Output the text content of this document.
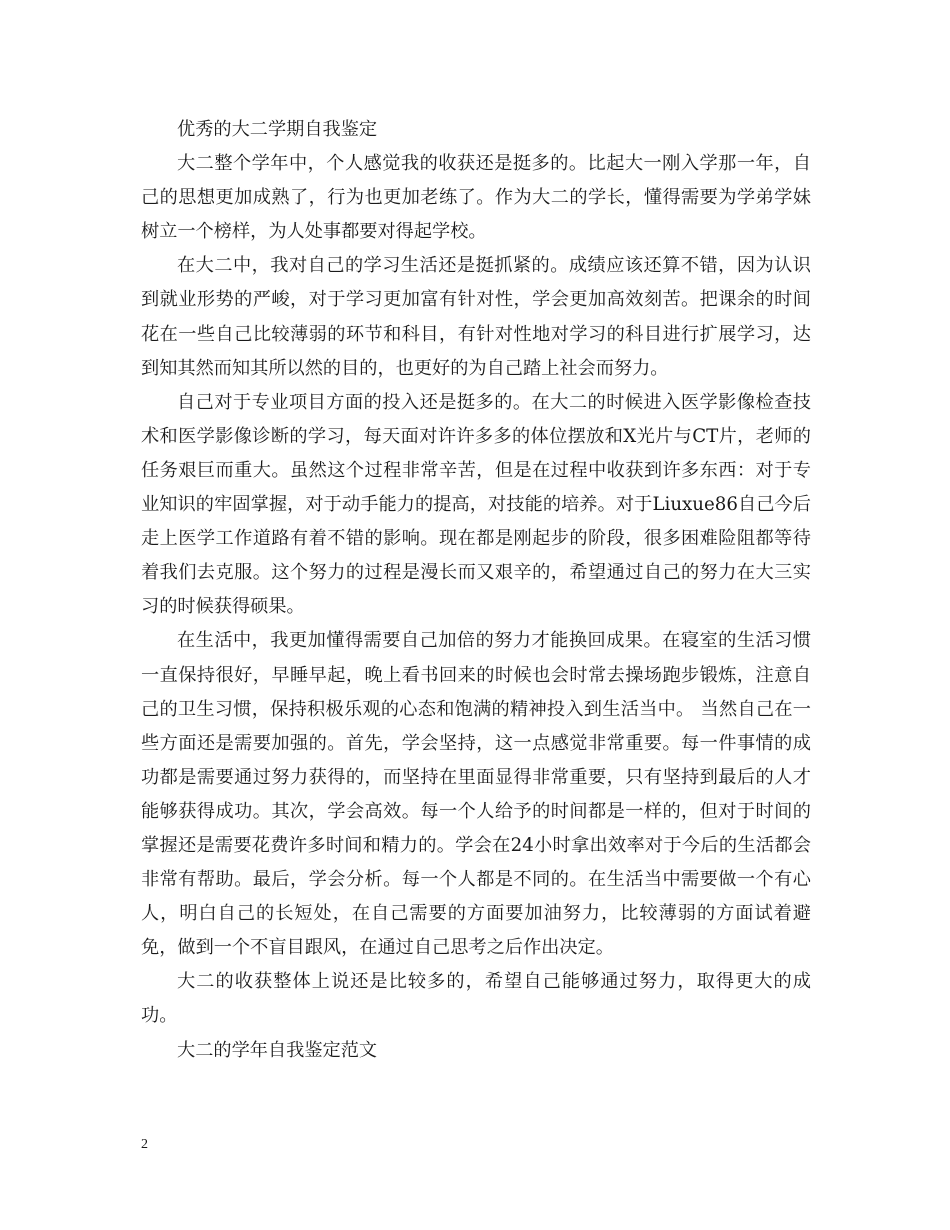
优秀的大二学期自我鉴定

大二整个学年中，个人感觉我的收获还是挺多的。比起大一刚入学那一年，自己的思想更加成熟了，行为也更加老练了。作为大二的学长，懂得需要为学弟学妹树立一个榜样，为人处事都要对得起学校。

在大二中，我对自己的学习生活还是挺抓紧的。成绩应该还算不错，因为认识到就业形势的严峻，对于学习更加富有针对性，学会更加高效刻苦。把课余的时间花在一些自己比较薄弱的环节和科目，有针对性地对学习的科目进行扩展学习，达到知其然而知其所以然的目的，也更好的为自己踏上社会而努力。

自己对于专业项目方面的投入还是挺多的。在大二的时候进入医学影像检查技术和医学影像诊断的学习，每天面对许许多多的体位摆放和X光片与CT片，老师的任务艰巨而重大。虽然这个过程非常辛苦，但是在过程中收获到许多东西：对于专业知识的牢固掌握，对于动手能力的提高，对技能的培养。对于Liuxue86自己今后走上医学工作道路有着不错的影响。现在都是刚起步的阶段，很多困难险阻都等待着我们去克服。这个努力的过程是漫长而又艰辛的，希望通过自己的努力在大三实习的时候获得硕果。

在生活中，我更加懂得需要自己加倍的努力才能换回成果。在寝室的生活习惯一直保持很好，早睡早起，晚上看书回来的时候也会时常去操场跑步锻炼，注意自己的卫生习惯，保持积极乐观的心态和饱满的精神投入到生活当中。 当然自己在一些方面还是需要加强的。首先，学会坚持，这一点感觉非常重要。每一件事情的成功都是需要通过努力获得的，而坚持在里面显得非常重要，只有坚持到最后的人才能够获得成功。其次，学会高效。每一个人给予的时间都是一样的，但对于时间的掌握还是需要花费许多时间和精力的。学会在24小时拿出效率对于今后的生活都会非常有帮助。最后，学会分析。每一个人都是不同的。在生活当中需要做一个有心人，明白自己的长短处，在自己需要的方面要加油努力，比较薄弱的方面试着避免，做到一个不盲目跟风，在通过自己思考之后作出决定。

大二的收获整体上说还是比较多的，希望自己能够通过努力，取得更大的成功。

大二的学年自我鉴定范文

2
